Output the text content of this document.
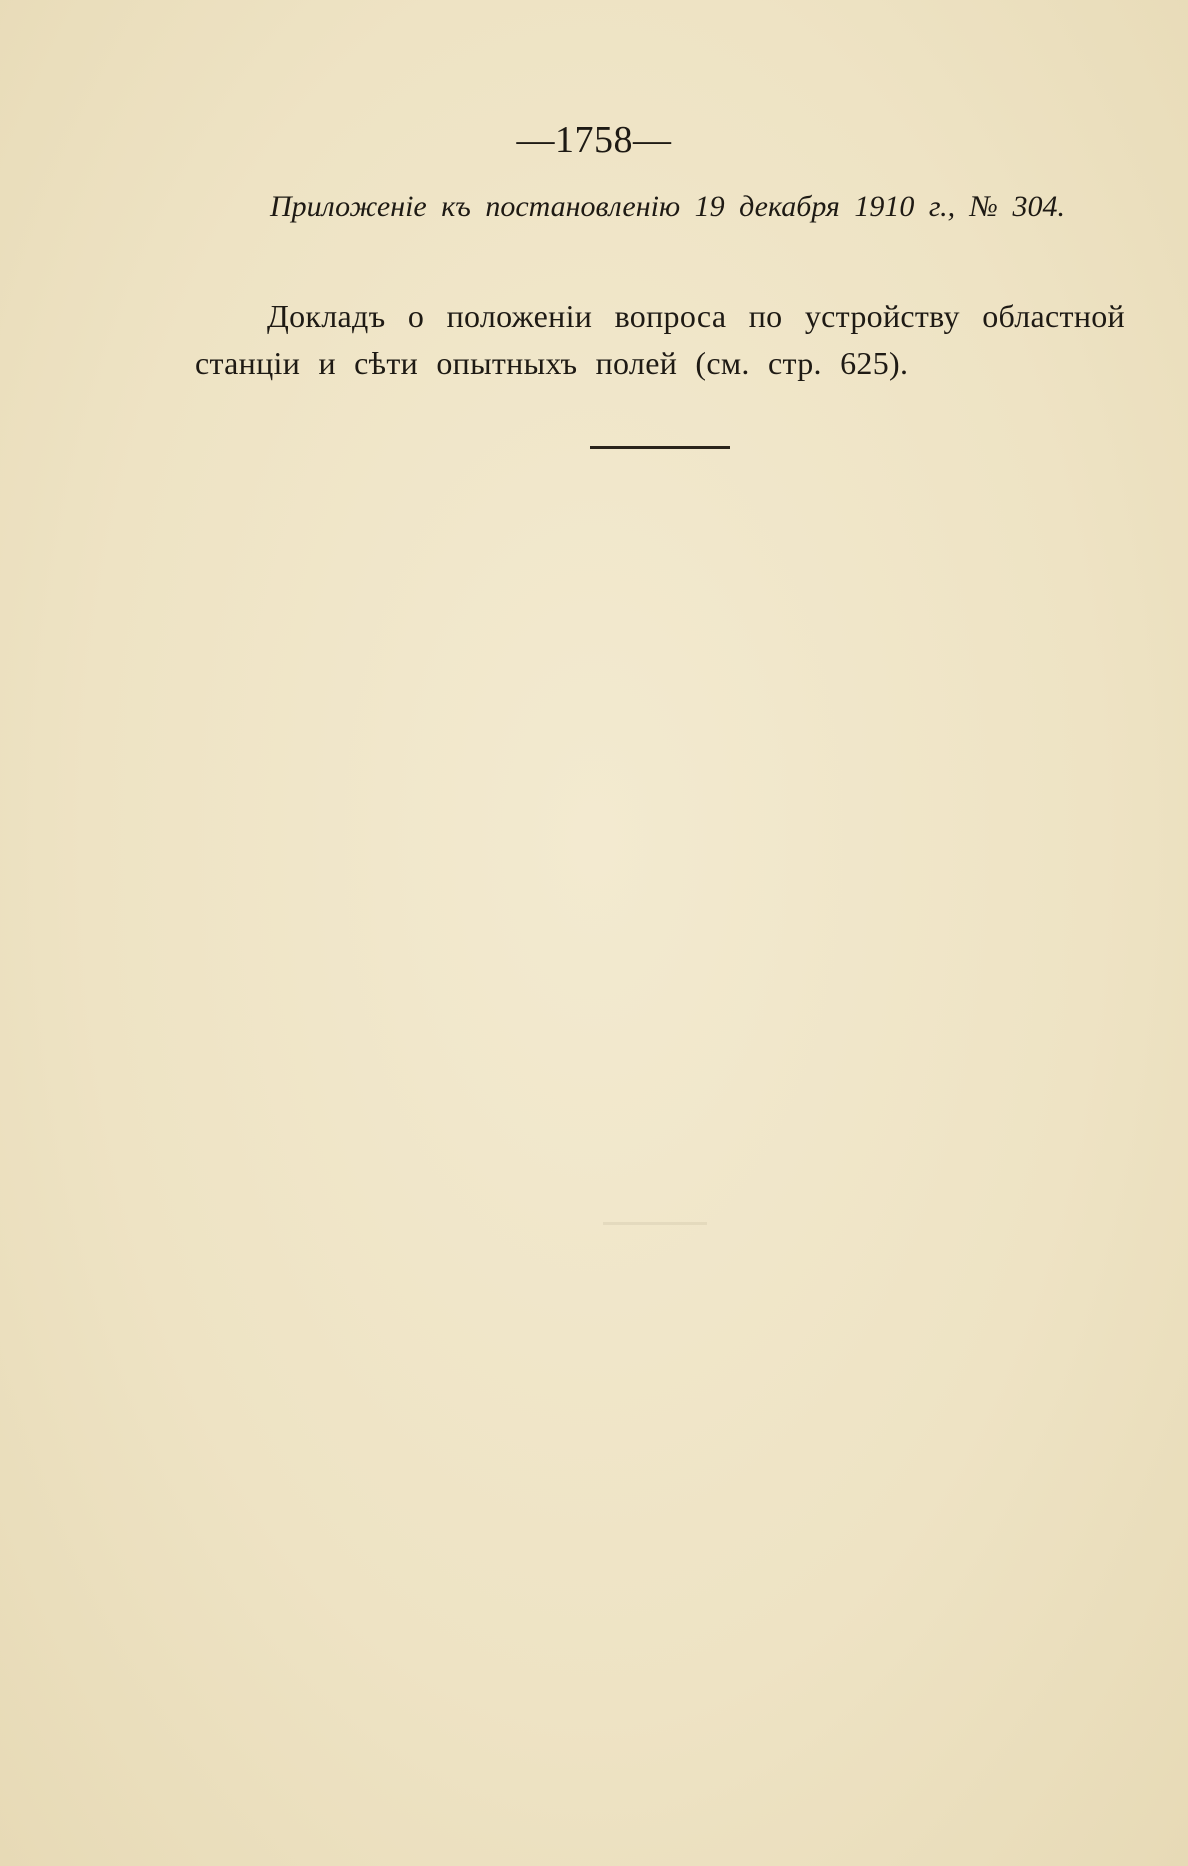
—1758—
Приложенiе къ постановленiю 19 декабря 1910 г., № 304.
Докладъ о положенiи вопроса по устройству областной
станцiи и сѣти опытныхъ полей (см. стр. 625).
